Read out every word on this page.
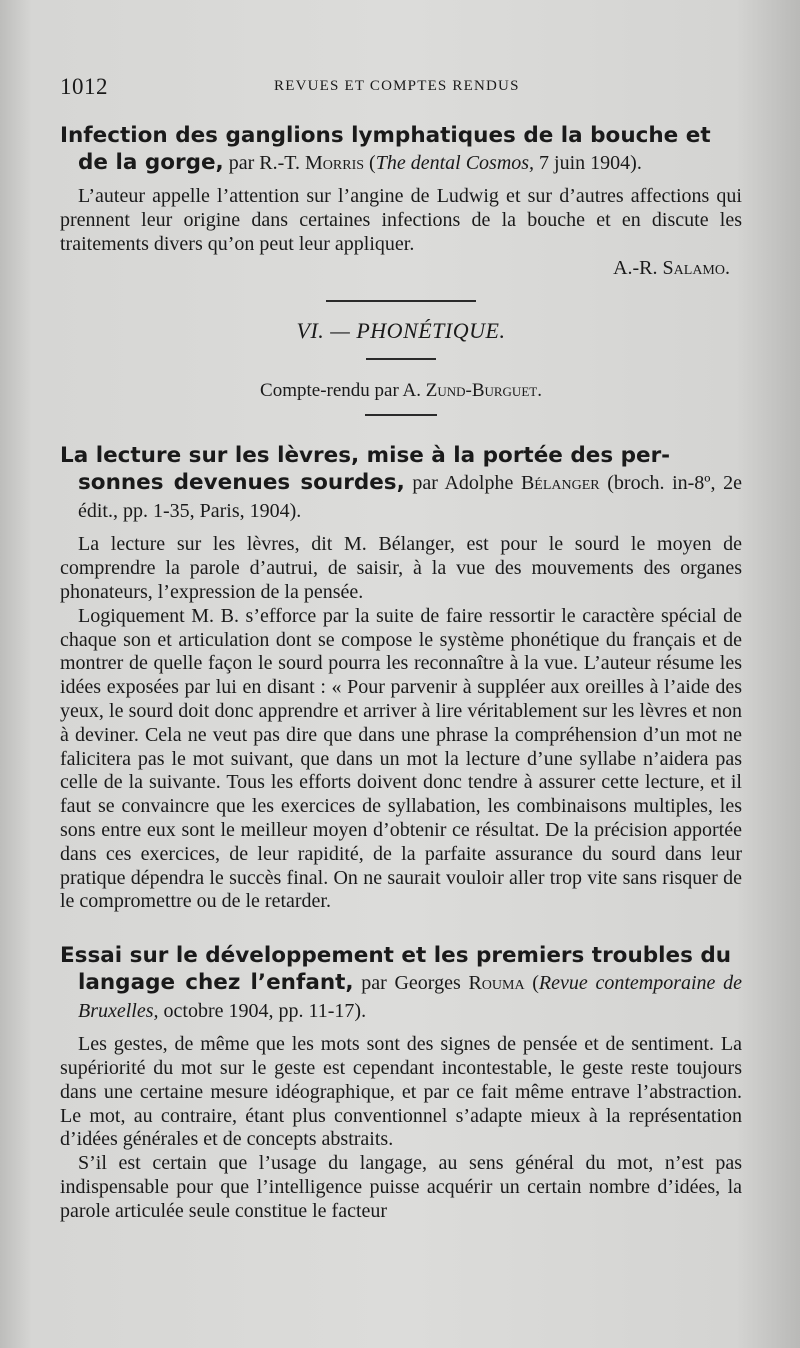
1012	REVUES ET COMPTES RENDUS
Infection des ganglions lymphatiques de la bouche et

de la gorge, par R.-T. Morris (The dental Cosmos, 7 juin 1904).

L’auteur appelle l’attention sur l’angine de Ludwig et sur d’autres affections qui prennent leur origine dans certaines infections de la bouche et en discute les traitements divers qu’on peut leur appliquer.

A.-R. Salamo.

VI. — PHONÉTIQUE.

Compte-rendu par A. Zund-Burguet.

La lecture sur les lèvres, mise à la portée des per-

sonnes devenues sourdes, par Adolphe Bélanger (broch. in-8º, 2e édit., pp. 1-35, Paris, 1904).

La lecture sur les lèvres, dit M. Bélanger, est pour le sourd le moyen de comprendre la parole d’autrui, de saisir, à la vue des mouvements des organes phonateurs, l’expression de la pensée.

Logiquement M. B. s’efforce par la suite de faire ressortir le caractère spécial de chaque son et articulation dont se compose le système phonétique du français et de montrer de quelle façon le sourd pourra les reconnaître à la vue. L’auteur résume les idées exposées par lui en disant : « Pour parvenir à suppléer aux oreilles à l’aide des yeux, le sourd doit donc apprendre et arriver à lire véritablement sur les lèvres et non à deviner. Cela ne veut pas dire que dans une phrase la compréhension d’un mot ne falicitera pas le mot suivant, que dans un mot la lecture d’une syllabe n’aidera pas celle de la suivante. Tous les efforts doivent donc tendre à assurer cette lecture, et il faut se convaincre que les exercices de syllabation, les combinaisons multiples, les sons entre eux sont le meilleur moyen d’obtenir ce résultat. De la précision apportée dans ces exercices, de leur rapidité, de la parfaite assurance du sourd dans leur pratique dépendra le succès final. On ne saurait vouloir aller trop vite sans risquer de le compromettre ou de le retarder.

Essai sur le développement et les premiers troubles du

langage chez l’enfant, par Georges Rouma (Revue contemporaine de Bruxelles, octobre 1904, pp. 11-17).

Les gestes, de même que les mots sont des signes de pensée et de sentiment. La supériorité du mot sur le geste est cependant incontestable, le geste reste toujours dans une certaine mesure idéographique, et par ce fait même entrave l’abstraction. Le mot, au contraire, étant plus conventionnel s’adapte mieux à la représentation d’idées générales et de concepts abstraits.

S’il est certain que l’usage du langage, au sens général du mot, n’est pas indispensable pour que l’intelligence puisse acquérir un certain nombre d’idées, la parole articulée seule constitue le facteur
